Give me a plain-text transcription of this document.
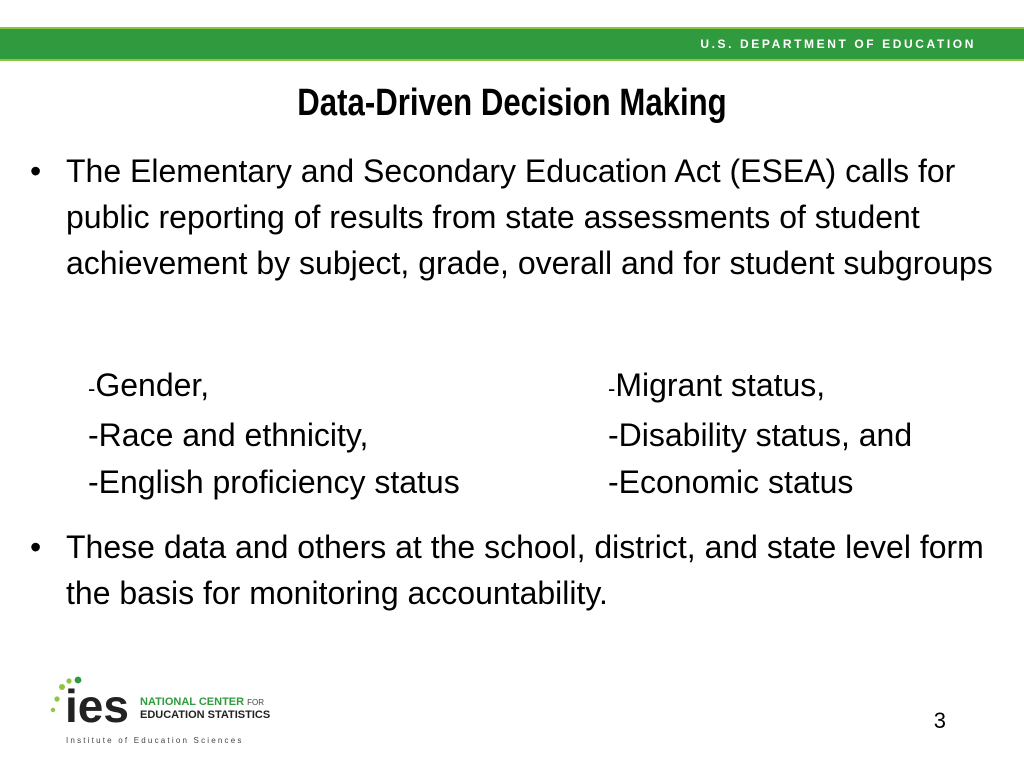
U.S. DEPARTMENT OF EDUCATION
Data-Driven Decision Making
• The Elementary and Secondary Education Act (ESEA) calls for public reporting of results from state assessments of student achievement by subject, grade, overall and for student subgroups
-Gender,
-Race and ethnicity,
-English proficiency status
-Migrant status,
-Disability status, and
-Economic status
• These data and others at the school, district, and state level form the basis for monitoring accountability.
ies NATIONAL CENTER FOR
EDUCATION STATISTICS
Institute of Education Sciences
3
